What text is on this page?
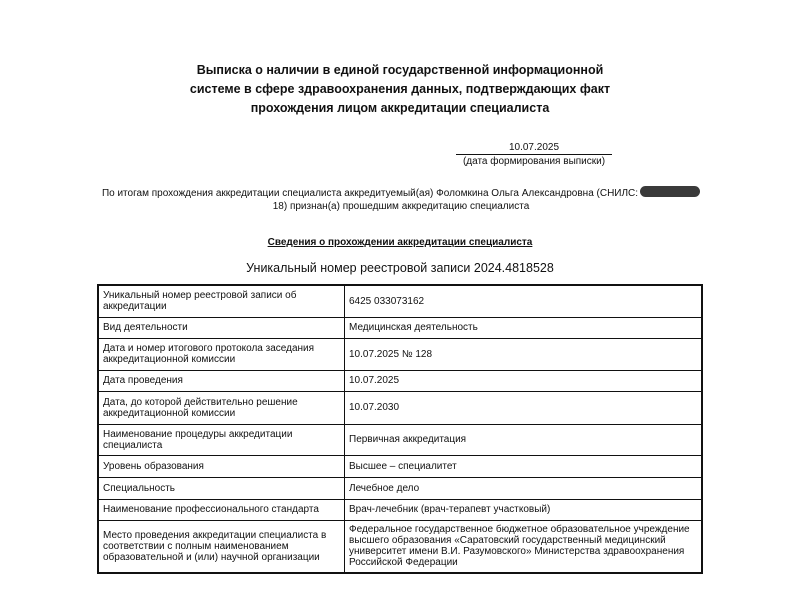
Выписка о наличии в единой государственной информационной
системе в сфере здравоохранения данных, подтверждающих факт
прохождения лицом аккредитации специалиста
10.07.2025
(дата формирования выписки)
По итогам прохождения аккредитации специалиста аккредитуемый(ая) Фоломкина Ольга Александровна (СНИЛС:
18) признан(а) прошедшим аккредитацию специалиста
Сведения о прохождении аккредитации специалиста
Уникальный номер реестровой записи 2024.4818528
Уникальный номер реестровой записи об аккредитации	6425 033073162
Вид деятельности	Медицинская деятельность
Дата и номер итогового протокола заседания аккредитационной комиссии	10.07.2025 № 128
Дата проведения	10.07.2025
Дата, до которой действительно решение аккредитационной комиссии	10.07.2030
Наименование процедуры аккредитации специалиста	Первичная аккредитация
Уровень образования	Высшее – специалитет
Специальность	Лечебное дело
Наименование профессионального стандарта	Врач-лечебник (врач-терапевт участковый)
Место проведения аккредитации специалиста в соответствии с полным наименованием образовательной и (или) научной организации	Федеральное государственное бюджетное образовательное учреждение высшего образования «Саратовский государственный медицинский университет имени В.И. Разумовского» Министерства здравоохранения Российской Федерации
